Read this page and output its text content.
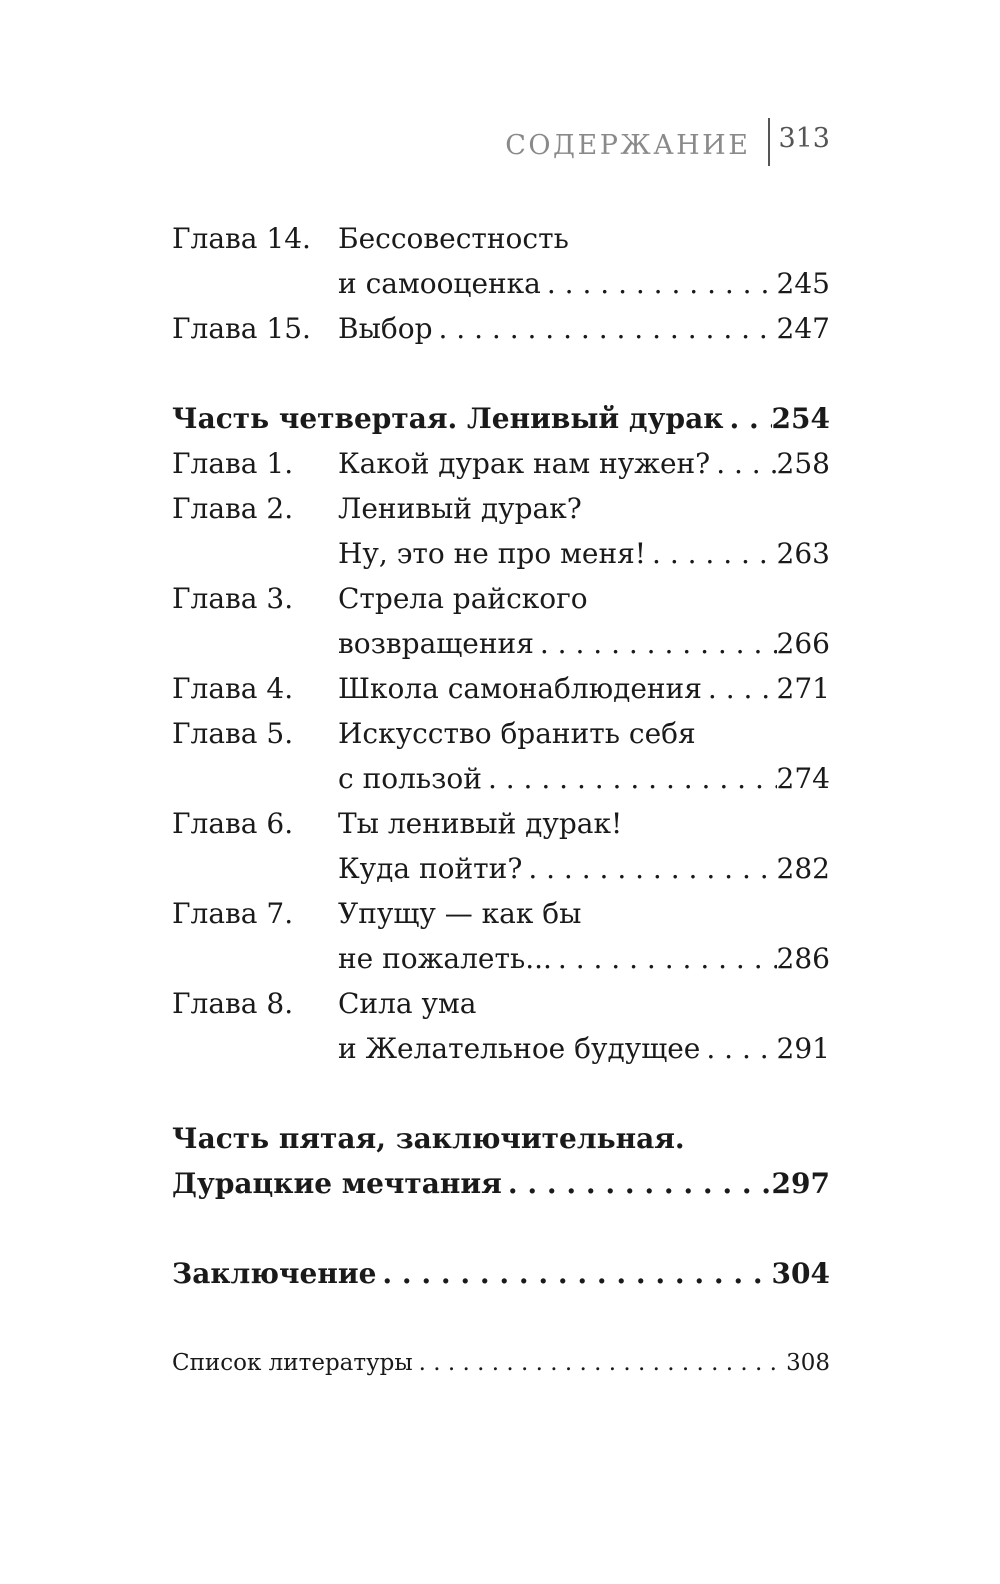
СОДЕРЖАНИЕ	313
Глава 14. Бессовестность
и самооценка . . .	245
Глава 15. Выбор . . .	247
Часть четвертая. Ленивый дурак . . . 254
Глава 1.	Какой дурак нам нужен? . . . 258
Глава 2.	Ленивый дурак?
Ну, это не про меня! . . .	263
Глава 3.	Стрела райского
возвращения . . .	266
Глава 4.	Школа самонаблюдения . . .	271
Глава 5.	Искусство бранить себя
с пользой . . .	274
Глава 6.	Ты ленивый дурак!
Куда пойти? . . .	282
Глава 7.	Упущу — как бы
не пожалеть... . . .	286
Глава 8.	Сила ума
и Желательное будущее . . .	291
Часть пятая, заключительная.
Дурацкие мечтания . . .	297
Заключение . . .	304
Список литературы . . .	308
